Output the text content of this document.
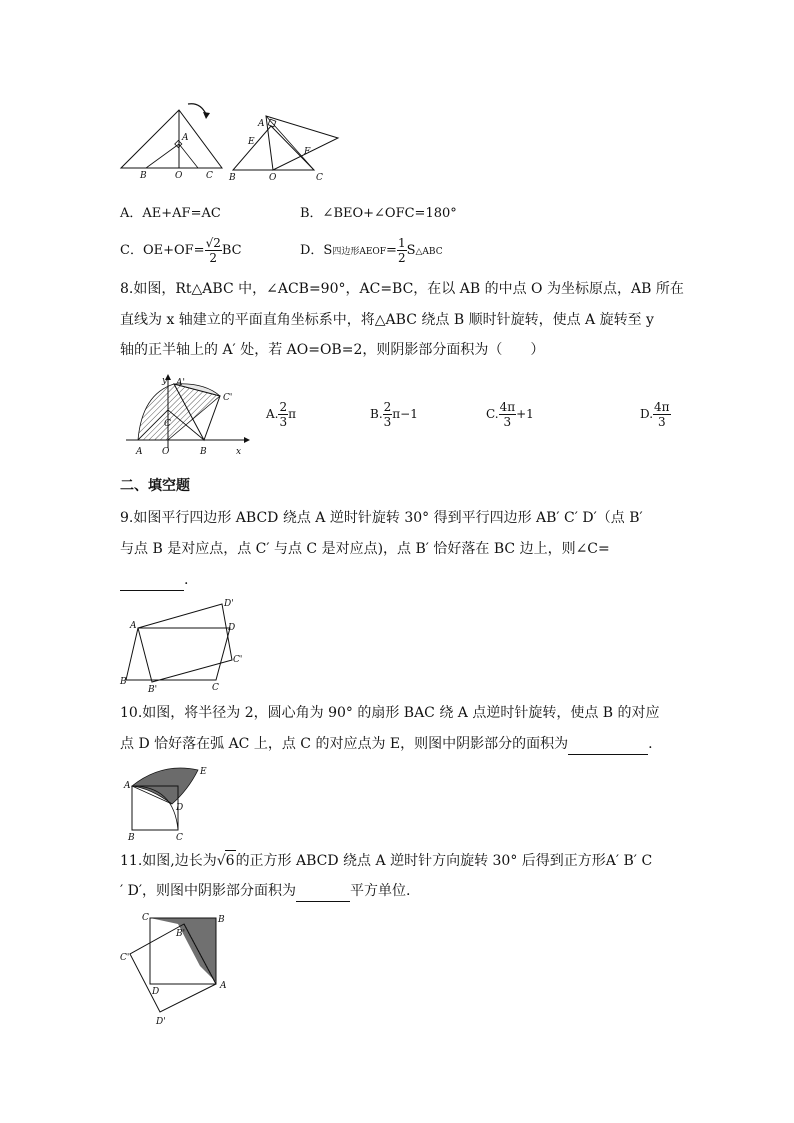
A
B	O	C
A
E
F
B	O	C
A．AE+AF=AC	B．∠BEO+∠OFC=180°
C．$OE+OF= \frac{√2}{2}$ BC	D．S四边形AEOF= $\frac{1}{2}$ S△ABC
8.如图，Rt△ABC 中，∠ACB=90°，AC=BC，在以 AB 的中点 O 为坐标原点，AB 所在
直线为 x 轴建立的平面直角坐标系中，将△ABC 绕点 B 顺时针旋转，使点 A 旋转至 y
轴的正半轴上的 A′ 处，若 AO=OB=2，则阴影部分面积为（　　）
y A'
C'
C
A O	B	x
A. $\frac{2}{3}$ π	B. $\frac{2}{3} \pi-1$	C. $\frac{4\pi}{3} +1$	D. $\frac{4\pi}{3}$
二、填空题
9.如图平行四边形 ABCD 绕点 A 逆时针旋转 30° 得到平行四边形 AB′ C′ D′（点 B′
与点 B 是对应点，点 C′ 与点 C 是对应点)，点 B′ 恰好落在 BC 边上，则∠C=
.
D'
A	D
C'
B
B'	C
10.如图，将半径为 2，圆心角为 90° 的扇形 BAC 绕 A 点逆时针旋转，使点 B 的对应
点 D 恰好落在弧 AC 上，点 C 的对应点为 E，则图中阴影部分的面积为	.
A
E
D
B	C
11.如图,边长为√6的正方形 ABCD 绕点 A 逆时针方向旋转 30° 后得到正方形A′ B′ C
′ D′，则图中阴影部分面积为	平方单位.
C	B
B'
C'
D
A
D'
